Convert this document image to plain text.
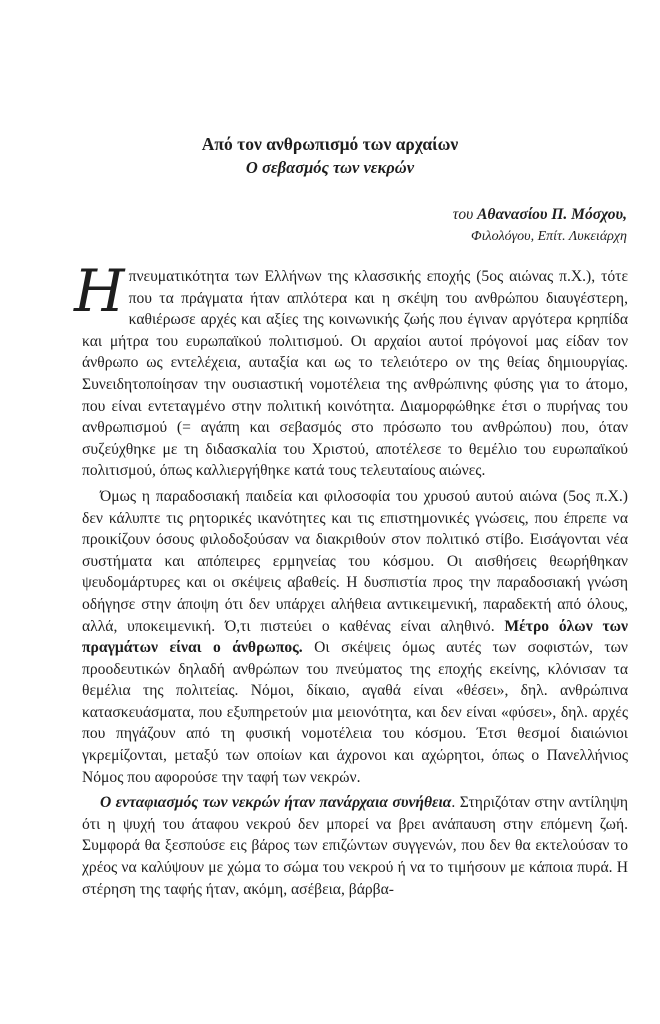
Από τον ανθρωπισμό των αρχαίων
Ο σεβασμός των νεκρών
του Αθανασίου Π. Μόσχου,
Φιλολόγου, Επίτ. Λυκειάρχη

Η πνευματικότητα των Ελλήνων της κλασσικής εποχής (5ος αιώνας π.Χ.), τότε που τα πράγματα ήταν απλότερα και η σκέψη του ανθρώπου διαυγέστερη, καθιέρωσε αρχές και αξίες της κοινωνικής ζωής που έγιναν αργότερα κρηπίδα και μήτρα του ευρωπαϊκού πολιτισμού. Οι αρχαίοι αυτοί πρόγονοί μας είδαν τον άνθρωπο ως εντελέχεια, αυταξία και ως το τελειότερο ον της θείας δημιουργίας. Συνειδητοποίησαν την ουσιαστική νομοτέλεια της ανθρώπινης φύσης για το άτομο, που είναι εντεταγμένο στην πολιτική κοινότητα. Διαμορφώθηκε έτσι ο πυρήνας του ανθρωπισμού (= αγάπη και σεβασμός στο πρόσωπο του ανθρώπου) που, όταν συζεύχθηκε με τη διδασκαλία του Χριστού, αποτέλεσε το θεμέλιο του ευρωπαϊκού πολιτισμού, όπως καλλιεργήθηκε κατά τους τελευταίους αιώνες.

Όμως η παραδοσιακή παιδεία και φιλοσοφία του χρυσού αυτού αιώνα (5ος π.Χ.) δεν κάλυπτε τις ρητορικές ικανότητες και τις επιστημονικές γνώσεις, που έπρεπε να προικίζουν όσους φιλοδοξούσαν να διακριθούν στον πολιτικό στίβο. Εισάγονται νέα συστήματα και απόπειρες ερμηνείας του κόσμου. Οι αισθήσεις θεωρήθηκαν ψευδομάρτυρες και οι σκέψεις αβαθείς. Η δυσπιστία προς την παραδοσιακή γνώση οδήγησε στην άποψη ότι δεν υπάρχει αλήθεια αντικειμενική, παραδεκτή από όλους, αλλά, υποκειμενική. Ό,τι πιστεύει ο καθένας είναι αληθινό. Μέτρο όλων των πραγμάτων είναι ο άνθρωπος. Οι σκέψεις όμως αυτές των σοφιστών, των προοδευτικών δηλαδή ανθρώπων του πνεύματος της εποχής εκείνης, κλόνισαν τα θεμέλια της πολιτείας. Νόμοι, δίκαιο, αγαθά είναι «θέσει», δηλ. ανθρώπινα κατασκευάσματα, που εξυπηρετούν μια μειονότητα, και δεν είναι «φύσει», δηλ. αρχές που πηγάζουν από τη φυσική νομοτέλεια του κόσμου. Έτσι θεσμοί διαιώνιοι γκρεμίζονται, μεταξύ των οποίων και άχρονοι και αχώρητοι, όπως ο Πανελλήνιος Νόμος που αφορούσε την ταφή των νεκρών.

Ο ενταφιασμός των νεκρών ήταν πανάρχαια συνήθεια. Στηριζόταν στην αντίληψη ότι η ψυχή του άταφου νεκρού δεν μπορεί να βρει ανάπαυση στην επόμενη ζωή. Συμφορά θα ξεσπούσε εις βάρος των επιζώντων συγγενών, που δεν θα εκτελούσαν το χρέος να καλύψουν με χώμα το σώμα του νεκρού ή να το τιμήσουν με κάποια πυρά. Η στέρηση της ταφής ήταν, ακόμη, ασέβεια, βάρβα-
